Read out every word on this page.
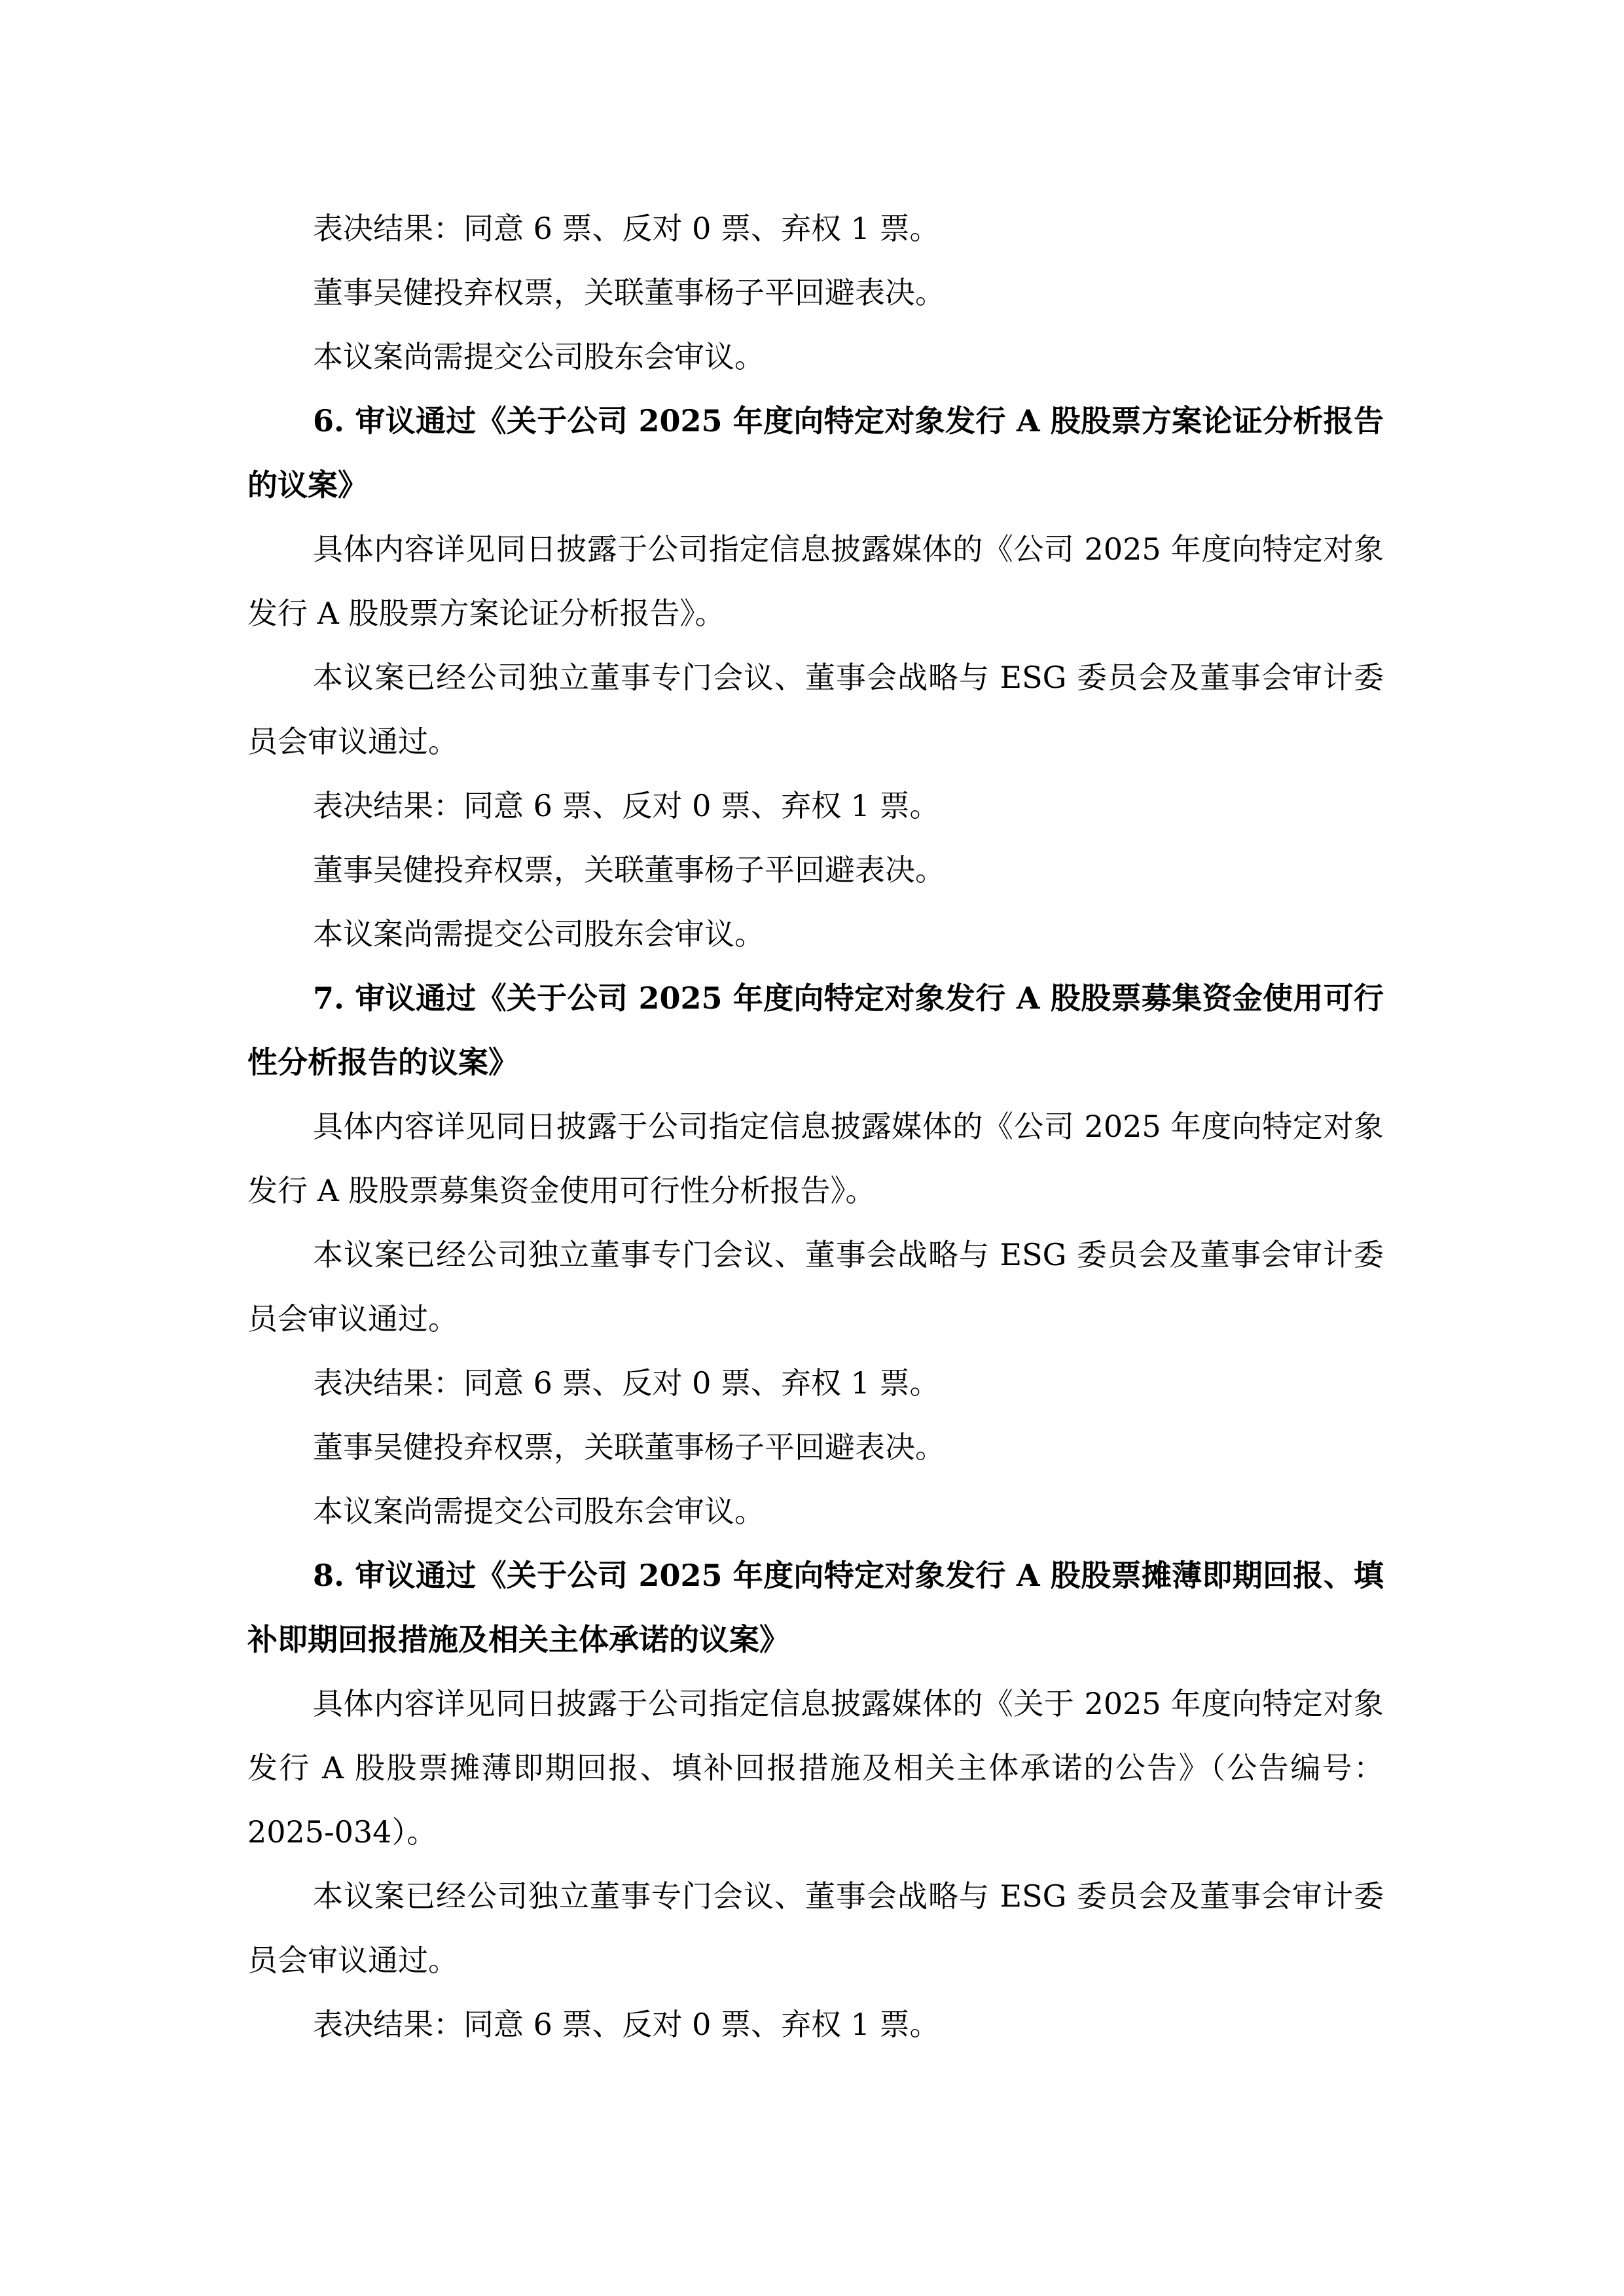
表决结果：同意 6 票、反对 0 票、弃权 1 票。

董事吴健投弃权票，关联董事杨子平回避表决。

本议案尚需提交公司股东会审议。

6. 审议通过《关于公司 2025 年度向特定对象发行 A 股股票方案论证分析报告的议案》

具体内容详见同日披露于公司指定信息披露媒体的《公司 2025 年度向特定对象发行 A 股股票方案论证分析报告》。

本议案已经公司独立董事专门会议、董事会战略与 ESG 委员会及董事会审计委员会审议通过。

表决结果：同意 6 票、反对 0 票、弃权 1 票。

董事吴健投弃权票，关联董事杨子平回避表决。

本议案尚需提交公司股东会审议。

7. 审议通过《关于公司 2025 年度向特定对象发行 A 股股票募集资金使用可行性分析报告的议案》

具体内容详见同日披露于公司指定信息披露媒体的《公司 2025 年度向特定对象发行 A 股股票募集资金使用可行性分析报告》。

本议案已经公司独立董事专门会议、董事会战略与 ESG 委员会及董事会审计委员会审议通过。

表决结果：同意 6 票、反对 0 票、弃权 1 票。

董事吴健投弃权票，关联董事杨子平回避表决。

本议案尚需提交公司股东会审议。

8. 审议通过《关于公司 2025 年度向特定对象发行 A 股股票摊薄即期回报、填补即期回报措施及相关主体承诺的议案》

具体内容详见同日披露于公司指定信息披露媒体的《关于 2025 年度向特定对象发行 A 股股票摊薄即期回报、填补回报措施及相关主体承诺的公告》（公告编号：2025-034）。

本议案已经公司独立董事专门会议、董事会战略与 ESG 委员会及董事会审计委员会审议通过。

表决结果：同意 6 票、反对 0 票、弃权 1 票。
